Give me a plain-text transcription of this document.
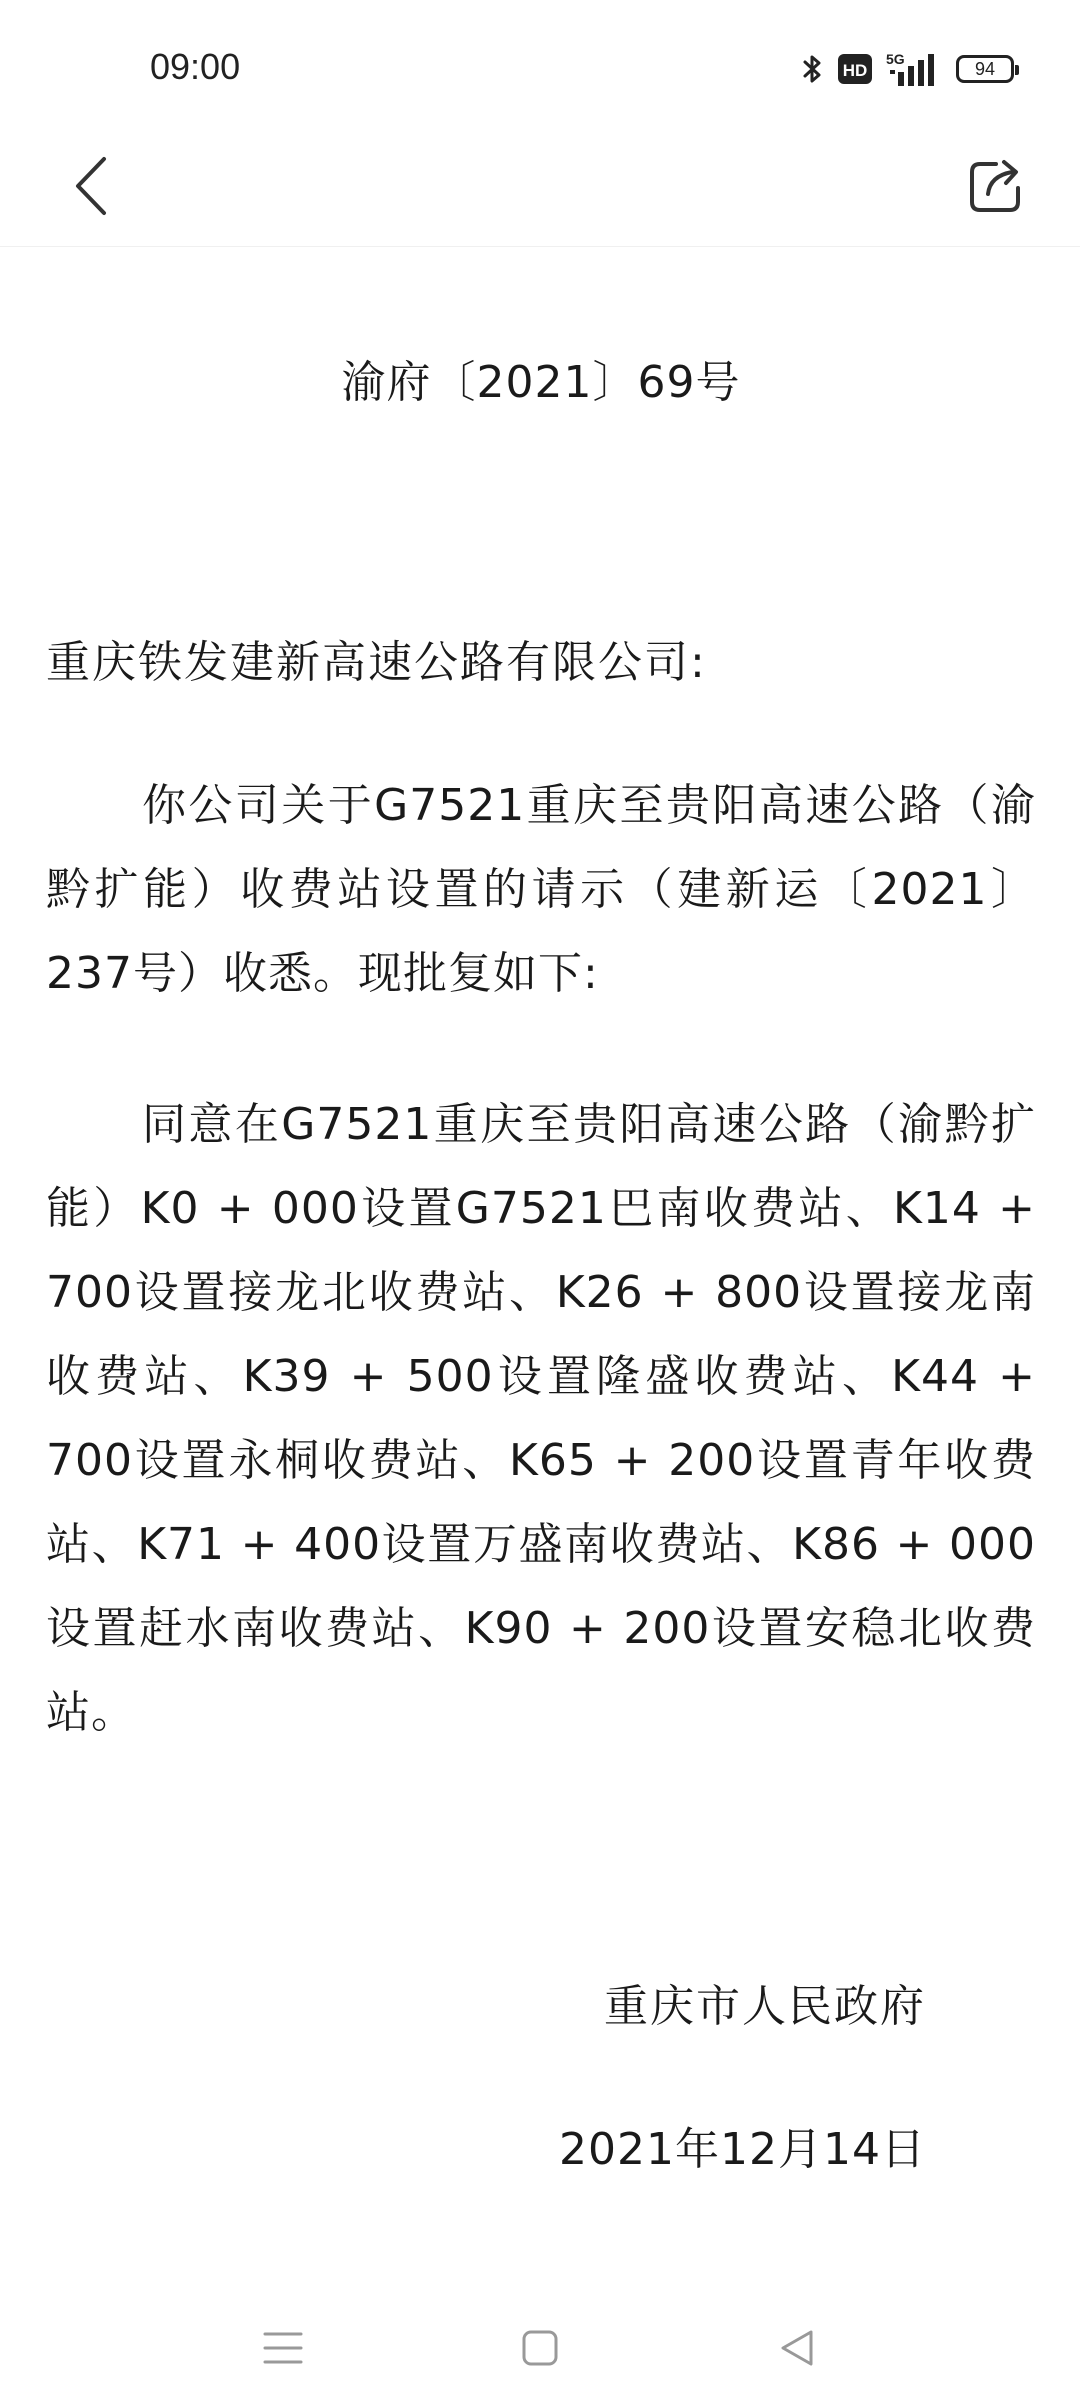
09:00	HD
5G	94
渝府〔2021〕69号
重庆铁发建新高速公路有限公司:

你公司关于G7521重庆至贵阳高速公路（渝黔扩能）收费站设置的请示（建新运〔2021〕237号）收悉。现批复如下:

同意在G7521重庆至贵阳高速公路（渝黔扩能）K0 + 000设置G7521巴南收费站、K14 + 700设置接龙北收费站、K26 + 800设置接龙南收费站、K39 + 500设置隆盛收费站、K44 + 700设置永桐收费站、K65 + 200设置青年收费站、K71 + 400设置万盛南收费站、K86 + 000设置赶水南收费站、K90 + 200设置安稳北收费站。

重庆市人民政府
2021年12月14日
